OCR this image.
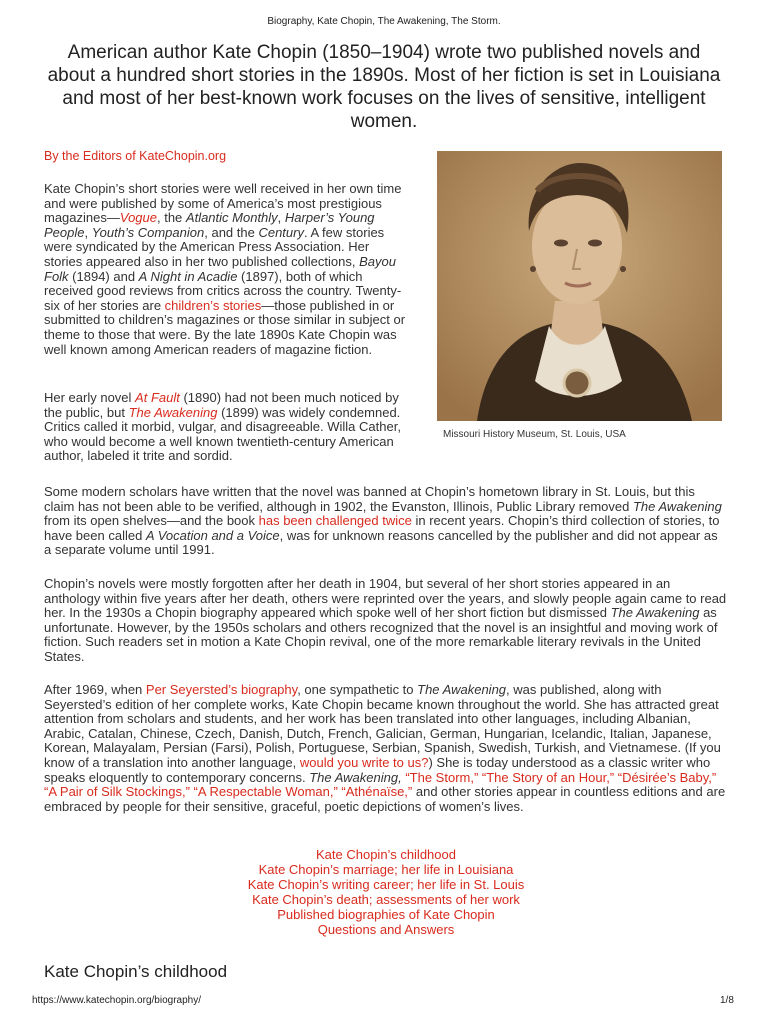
Biography, Kate Chopin, The Awakening, The Storm.
American author Kate Chopin (1850–1904) wrote two published novels and about a hundred short stories in the 1890s. Most of her fiction is set in Louisiana and most of her best-known work focuses on the lives of sensitive, intelligent women.
By the Editors of KateChopin.org
Missouri History Museum, St. Louis, USA

Kate Chopin’s short stories were well received in her own time and were published by some of America’s most prestigious magazines—Vogue, the Atlantic Monthly, Harper’s Young People, Youth’s Companion, and the Century. A few stories were syndicated by the American Press Association. Her stories appeared also in her two published collections, Bayou Folk (1894) and A Night in Acadie (1897), both of which received good reviews from critics across the country. Twenty-six of her stories are children’s stories—those published in or submitted to children’s magazines or those similar in subject or theme to those that were. By the late 1890s Kate Chopin was well known among American readers of magazine fiction.

Her early novel At Fault (1890) had not been much noticed by the public, but The Awakening (1899) was widely condemned. Critics called it morbid, vulgar, and disagreeable. Willa Cather, who would become a well known twentieth-century American author, labeled it trite and sordid.

Some modern scholars have written that the novel was banned at Chopin’s hometown library in St. Louis, but this claim has not been able to be verified, although in 1902, the Evanston, Illinois, Public Library removed The Awakening from its open shelves—and the book has been challenged twice in recent years. Chopin’s third collection of stories, to have been called A Vocation and a Voice, was for unknown reasons cancelled by the publisher and did not appear as a separate volume until 1991.

Chopin’s novels were mostly forgotten after her death in 1904, but several of her short stories appeared in an anthology within five years after her death, others were reprinted over the years, and slowly people again came to read her. In the 1930s a Chopin biography appeared which spoke well of her short fiction but dismissed The Awakening as unfortunate. However, by the 1950s scholars and others recognized that the novel is an insightful and moving work of fiction. Such readers set in motion a Kate Chopin revival, one of the more remarkable literary revivals in the United States.

After 1969, when Per Seyersted’s biography, one sympathetic to The Awakening, was published, along with Seyersted’s edition of her complete works, Kate Chopin became known throughout the world. She has attracted great attention from scholars and students, and her work has been translated into other languages, including Albanian, Arabic, Catalan, Chinese, Czech, Danish, Dutch, French, Galician, German, Hungarian, Icelandic, Italian, Japanese, Korean, Malayalam, Persian (Farsi), Polish, Portuguese, Serbian, Spanish, Swedish, Turkish, and Vietnamese. (If you know of a translation into another language, would you write to us?) She is today understood as a classic writer who speaks eloquently to contemporary concerns. The Awakening, “The Storm,” “The Story of an Hour,” “Désirée’s Baby,” “A Pair of Silk Stockings,” “A Respectable Woman,” “Athénaïse,” and other stories appear in countless editions and are embraced by people for their sensitive, graceful, poetic depictions of women’s lives.

Kate Chopin’s childhood
Kate Chopin’s marriage; her life in Louisiana
Kate Chopin’s writing career; her life in St. Louis
Kate Chopin’s death; assessments of her work
Published biographies of Kate Chopin
Questions and Answers
Kate Chopin’s childhood
https://www.katechopin.org/biography/	1/8
